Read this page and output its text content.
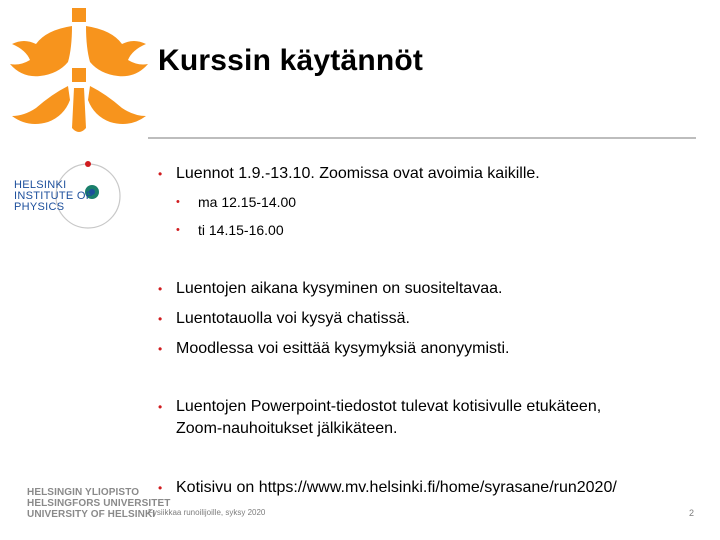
HELSINKI
INSTITUTE OF
PHYSICS
Kurssin käytännöt
• Luennot 1.9.-13.10. Zoomissa ovat avoimia kaikille.
• ma 12.15-14.00
• ti 14.15-16.00
• Luentojen aikana kysyminen on suositeltavaa.
• Luentotauolla voi kysyä chatissä.
• Moodlessa voi esittää kysymyksiä anonyymisti.
• Luentojen Powerpoint-tiedostot tulevat kotisivulle etukäteen,
Zoom-nauhoitukset jälkikäteen.
• Kotisivu on https://www.mv.helsinki.fi/home/syrasane/run2020/
HELSINGIN YLIOPISTO
HELSINGFORS UNIVERSITET
UNIVERSITY OF HELSINKI
Fysiikkaa runoilijoille, syksy 2020	2
